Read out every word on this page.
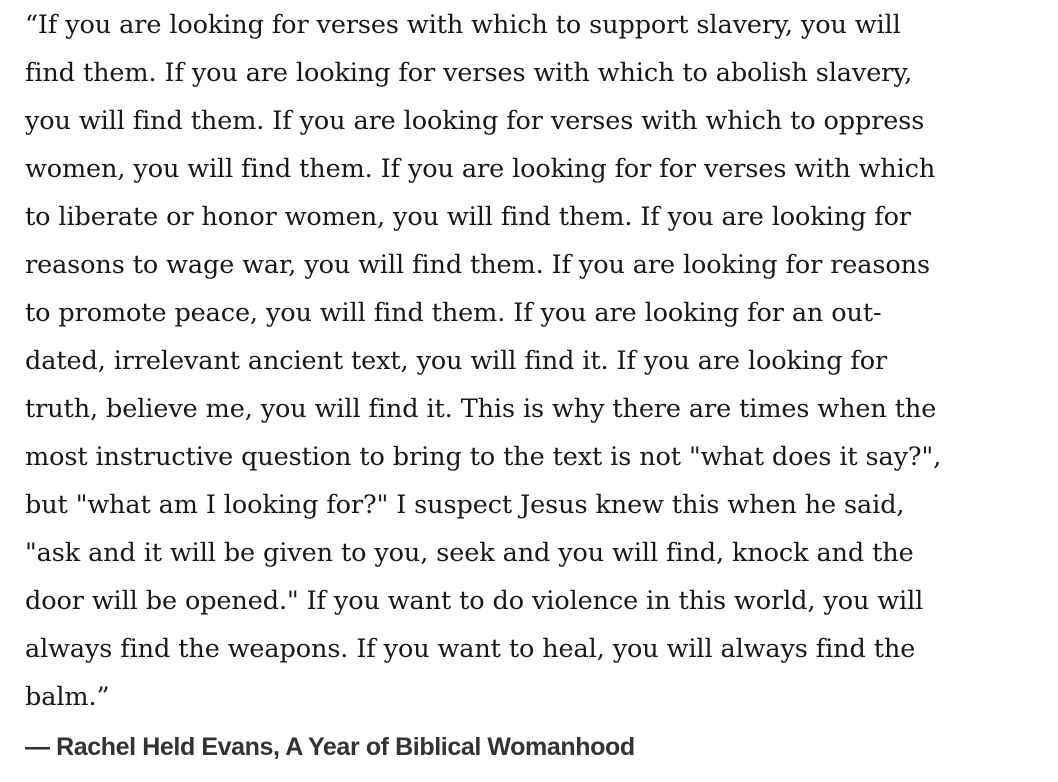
“If you are looking for verses with which to support slavery, you will
find them. If you are looking for verses with which to abolish slavery,
you will find them. If you are looking for verses with which to oppress
women, you will find them. If you are looking for for verses with which
to liberate or honor women, you will find them. If you are looking for
reasons to wage war, you will find them. If you are looking for reasons
to promote peace, you will find them. If you are looking for an out-
dated, irrelevant ancient text, you will find it. If you are looking for
truth, believe me, you will find it. This is why there are times when the
most instructive question to bring to the text is not "what does it say?",
but "what am I looking for?" I suspect Jesus knew this when he said,
"ask and it will be given to you, seek and you will find, knock and the
door will be opened." If you want to do violence in this world, you will
always find the weapons. If you want to heal, you will always find the
balm.”

— Rachel Held Evans, A Year of Biblical Womanhood
